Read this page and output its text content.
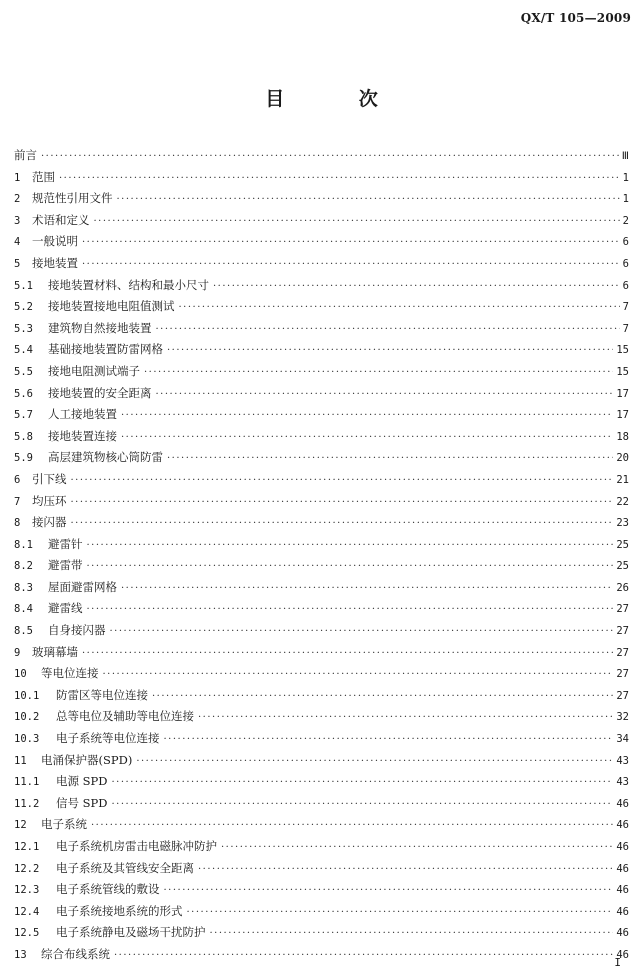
QX/T 105—2009
目 次
前言 ·····	Ⅲ
1	范围 ·····	1
2	规范性引用文件 ·····	1
3	术语和定义 ·····	2
4	一般说明 ·····	6
5	接地装置 ·····	6
5.1	接地装置材料、结构和最小尺寸 ·····	6
5.2	接地装置接地电阻值测试 ·····	7
5.3	建筑物自然接地装置 ·····	7
5.4	基础接地装置防雷网格 ·····	15
5.5	接地电阻测试端子 ·····	15
5.6	接地装置的安全距离 ·····	17
5.7	人工接地装置 ·····	17
5.8	接地装置连接 ·····	18
5.9	高层建筑物核心筒防雷 ·····	20
6	引下线 ·····	21
7	均压环 ·····	22
8	接闪器 ·····	23
8.1	避雷针 ·····	25
8.2	避雷带 ·····	25
8.3	屋面避雷网格 ·····	26
8.4	避雷线 ·····	27
8.5	自身接闪器 ·····	27
9	玻璃幕墙 ·····	27
10	等电位连接 ·····	27
10.1	防雷区等电位连接 ·····	27
10.2	总等电位及辅助等电位连接 ·····	32
10.3	电子系统等电位连接 ·····	34
11	电涌保护器(SPD) ·····	43
11.1	电源 SPD ·····	43
11.2	信号 SPD ·····	46
12	电子系统 ·····	46
12.1	电子系统机房雷击电磁脉冲防护 ·····	46
12.2	电子系统及其管线安全距离 ·····	46
12.3	电子系统管线的敷设 ·····	46
12.4	电子系统接地系统的形式 ·····	46
12.5	电子系统静电及磁场干扰防护 ·····	46
13	综合布线系统 ·····	46
I
